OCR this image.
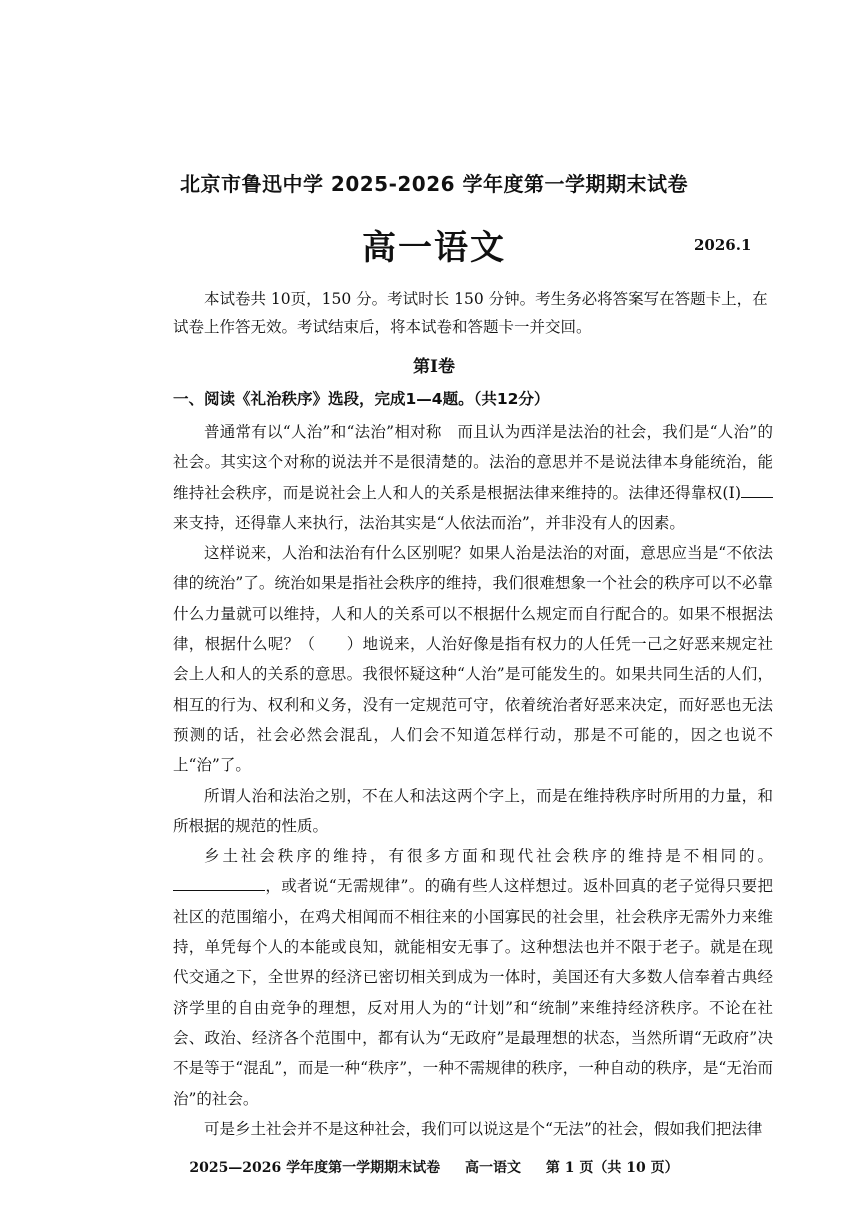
北京市鲁迅中学 2025-2026 学年度第一学期期末试卷
高一语文	2026.1
本试卷共 10页，150 分。考试时长 150 分钟。考生务必将答案写在答题卡上，在试卷上作答无效。考试结束后，将本试卷和答题卡一并交回。
第Ⅰ卷
一、阅读《礼治秩序》选段，完成1—4题。（共12分）

普通常有以“人治”和“法治”相对称　而且认为西洋是法治的社会，我们是“人治”的社会。其实这个对称的说法并不是很清楚的。法治的意思并不是说法律本身能统治，能维持社会秩序，而是说社会上人和人的关系是根据法律来维持的。法律还得靠权(Ⅰ)来支持，还得靠人来执行，法治其实是“人依法而治”，并非没有人的因素。

这样说来，人治和法治有什么区别呢？如果人治是法治的对面，意思应当是“不依法律的统治”了。统治如果是指社会秩序的维持，我们很难想象一个社会的秩序可以不必靠什么力量就可以维持，人和人的关系可以不根据什么规定而自行配合的。如果不根据法律，根据什么呢？（　　）地说来，人治好像是指有权力的人任凭一己之好恶来规定社会上人和人的关系的意思。我很怀疑这种“人治”是可能发生的。如果共同生活的人们，相互的行为、权利和义务，没有一定规范可守，依着统治者好恶来决定，而好恶也无法预测的话，社会必然会混乱，人们会不知道怎样行动，那是不可能的，因之也说不上“治”了。

所谓人治和法治之别，不在人和法这两个字上，而是在维持秩序时所用的力量，和所根据的规范的性质。

乡土社会秩序的维持，有很多方面和现代社会秩序的维持是不相同的。，或者说“无需规律”。的确有些人这样想过。返朴回真的老子觉得只要把社区的范围缩小，在鸡犬相闻而不相往来的小国寡民的社会里，社会秩序无需外力来维持，单凭每个人的本能或良知，就能相安无事了。这种想法也并不限于老子。就是在现代交通之下，全世界的经济已密切相关到成为一体时，美国还有大多数人信奉着古典经济学里的自由竞争的理想，反对用人为的“计划”和“统制”来维持经济秩序。不论在社会、政治、经济各个范围中，都有认为“无政府”是最理想的状态，当然所谓“无政府”决不是等于“混乱”，而是一种“秩序”，一种不需规律的秩序，一种自动的秩序，是“无治而治”的社会。

可是乡土社会并不是这种社会，我们可以说这是个“无法”的社会，假如我们把法律

2025—2026 学年度第一学期期末试卷 高一语文 第 1 页（共 10 页）
